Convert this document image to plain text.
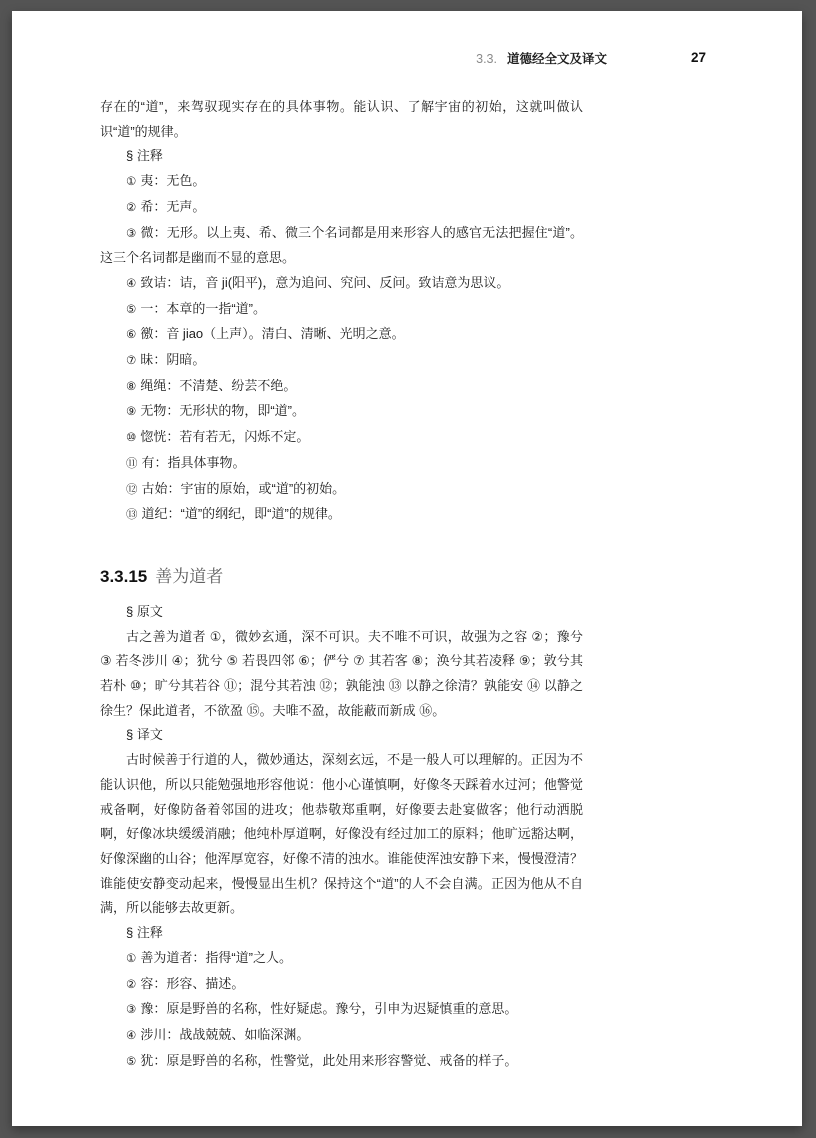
3.3. 道德经全文及译文	27

存在的“道”，来驾驭现实存在的具体事物。能认识、了解宇宙的初始，这就叫做认识“道”的规律。

§ 注释

① 夷：无色。

② 希：无声。

③ 微：无形。以上夷、希、微三个名词都是用来形容人的感官无法把握住“道”。这三个名词都是幽而不显的意思。

④ 致诘：诘，音 ji(阳平)，意为追问、究问、反问。致诘意为思议。

⑤ 一：本章的一指“道”。

⑥ 徼：音 jiao（上声）。清白、清晰、光明之意。

⑦ 昧：阴暗。

⑧ 绳绳：不清楚、纷芸不绝。

⑨ 无物：无形状的物，即“道”。

⑩ 惚恍：若有若无，闪烁不定。

⑪ 有：指具体事物。

⑫ 古始：宇宙的原始，或“道”的初始。

⑬ 道纪：“道”的纲纪，即“道”的规律。

3.3.15 善为道者

§ 原文

古之善为道者 ①，微妙玄通，深不可识。夫不唯不可识，故强为之容 ②；豫兮 ③ 若冬涉川 ④；犹兮 ⑤ 若畏四邻 ⑥；俨兮 ⑦ 其若客 ⑧；涣兮其若凌释 ⑨；敦兮其若朴 ⑩；旷兮其若谷 ⑪；混兮其若浊 ⑫；孰能浊 ⑬ 以静之徐清？孰能安 ⑭ 以静之徐生？保此道者，不欲盈 ⑮。夫唯不盈，故能蔽而新成 ⑯。

§ 译文

古时候善于行道的人，微妙通达，深刻玄远，不是一般人可以理解的。正因为不能认识他，所以只能勉强地形容他说：他小心谨慎啊，好像冬天踩着水过河；他警觉戒备啊，好像防备着邻国的进攻；他恭敬郑重啊，好像要去赴宴做客；他行动洒脱啊，好像冰块缓缓消融；他纯朴厚道啊，好像没有经过加工的原料；他旷远豁达啊，好像深幽的山谷；他浑厚宽容，好像不清的浊水。谁能使浑浊安静下来，慢慢澄清？谁能使安静变动起来，慢慢显出生机？保持这个“道”的人不会自满。正因为他从不自满，所以能够去故更新。

§ 注释

① 善为道者：指得“道”之人。

② 容：形容、描述。

③ 豫：原是野兽的名称，性好疑虑。豫兮，引申为迟疑慎重的意思。

④ 涉川：战战兢兢、如临深渊。

⑤ 犹：原是野兽的名称，性警觉，此处用来形容警觉、戒备的样子。
